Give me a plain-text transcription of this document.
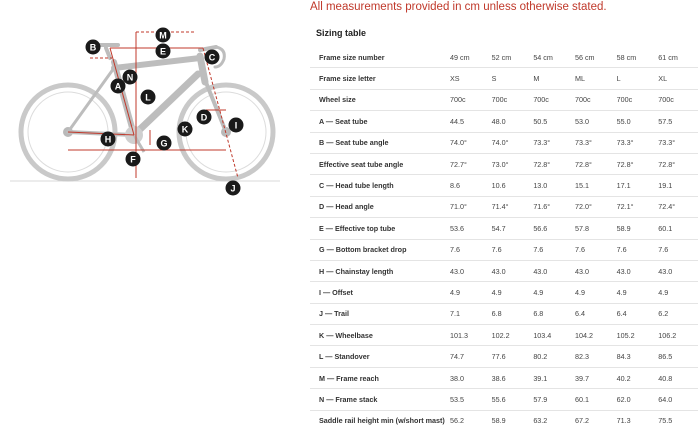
All measurements provided in cm unless otherwise stated.
B
M
E
C
N
A
L
D
I
K
H	G
F
J
Sizing table
Frame size number	49 cm	52 cm	54 cm	56 cm	58 cm	61 cm
Frame size letter	XS	S	M	ML	L	XL
Wheel size	700c	700c	700c	700c	700c	700c
A — Seat tube	44.5	48.0	50.5	53.0	55.0	57.5
B — Seat tube angle	74.0°	74.0°	73.3°	73.3°	73.3°	73.3°
Effective seat tube angle	72.7°	73.0°	72.8°	72.8°	72.8°	72.8°
C — Head tube length	8.6	10.6	13.0	15.1	17.1	19.1
D — Head angle	71.0°	71.4°	71.6°	72.0°	72.1°	72.4°
E — Effective top tube	53.6	54.7	56.6	57.8	58.9	60.1
G — Bottom bracket drop	7.6	7.6	7.6	7.6	7.6	7.6
H — Chainstay length	43.0	43.0	43.0	43.0	43.0	43.0
I — Offset	4.9	4.9	4.9	4.9	4.9	4.9
J — Trail	7.1	6.8	6.8	6.4	6.4	6.2
K — Wheelbase	101.3	102.2	103.4	104.2	105.2	106.2
L — Standover	74.7	77.6	80.2	82.3	84.3	86.5
M — Frame reach	38.0	38.6	39.1	39.7	40.2	40.8
N — Frame stack	53.5	55.6	57.9	60.1	62.0	64.0
Saddle rail height min (w/short mast)	56.2	58.9	63.2	67.2	71.3	75.5
